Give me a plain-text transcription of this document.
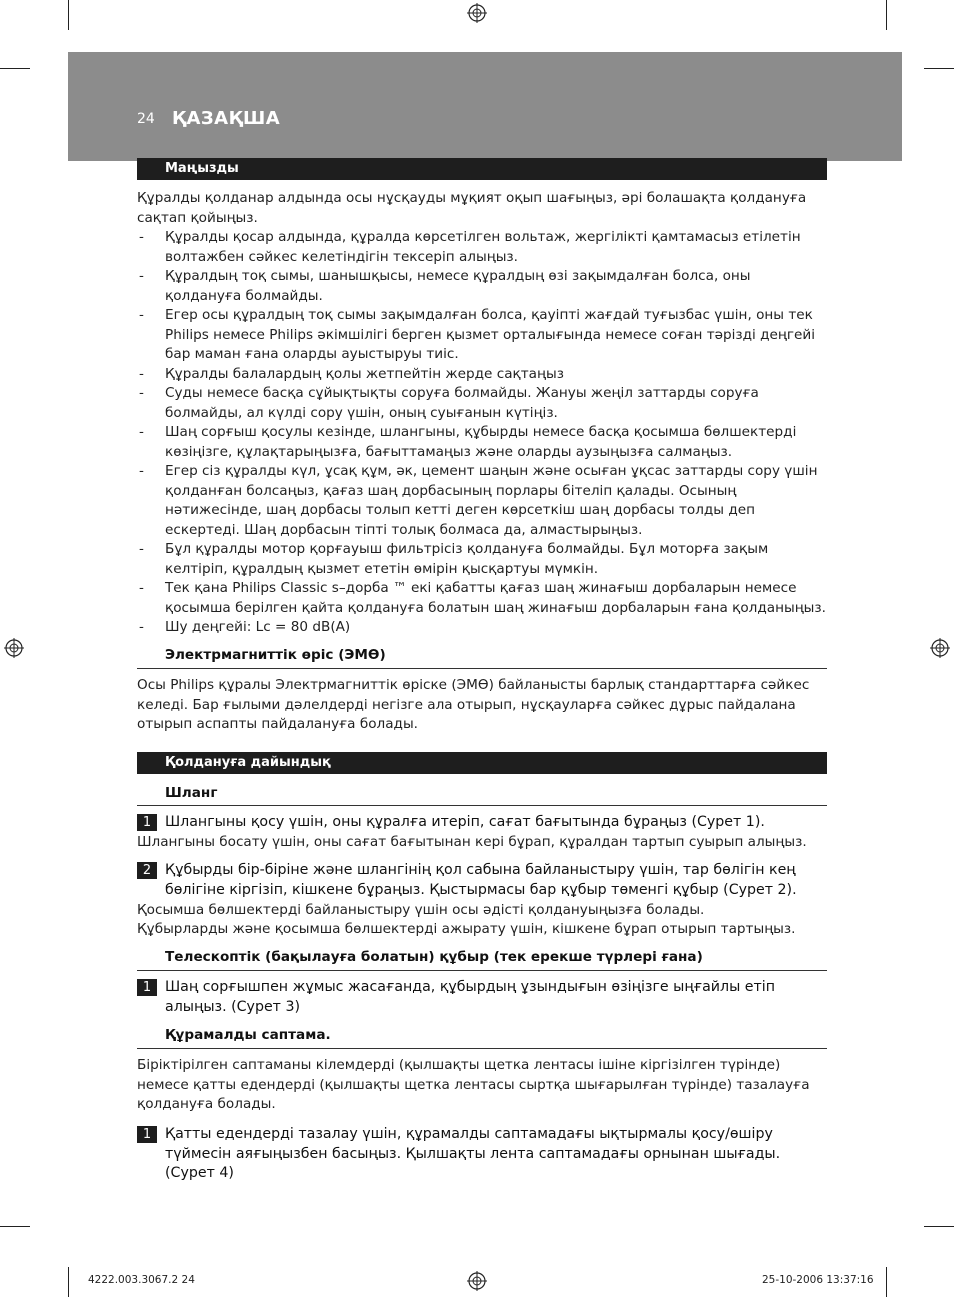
24 ҚАЗАҚША
Маңызды
Құралды қолданар алдында осы нұсқауды мұқият оқып шағыңыз, әрі болашақта қолдануға сақтап қойыңыз.
- Құралды қосар алдында, құралда көрсетілген вольтаж, жергілікті қамтамасыз етілетін волтажбен сәйкес келетіндігін тексеріп алыңыз.
- Құралдың тоқ сымы, шанышқысы, немесе құралдың өзі зақымдалған болса, оны қолдануға болмайды.
- Егер осы құралдың тоқ сымы зақымдалған болса, қауіпті жағдай туғызбас үшін, оны тек Philips немесе Philips әкімшілігі берген қызмет орталығында немесе соған тәрізді деңгейі бар маман ғана оларды ауыстыруы тиіс.
- Құралды балалардың қолы жетпейтін жерде сақтаңыз
- Суды немесе басқа сұйықтықты соруға болмайды. Жануы жеңіл заттарды соруға болмайды, ал күлді сору үшін, оның суығанын күтіңіз.
- Шаң сорғыш қосулы кезінде, шлангыны, құбырды немесе басқа қосымша бөлшектерді көзіңізге, құлақтарыңызға, бағыттамаңыз және оларды аузыңызға салмаңыз.
- Егер сіз құралды күл, ұсақ құм, әк, цемент шаңын және осыған ұқсас заттарды сору үшін қолданған болсаңыз, қағаз шаң дорбасының порлары бітеліп қалады. Осының нәтижесінде, шаң дорбасы толып кетті деген көрсеткіш шаң дорбасы толды деп ескертеді. Шаң дорбасын тіпті толық болмаса да, алмастырыңыз.
- Бұл құралды мотор қорғауыш фильтрісіз қолдануға болмайды. Бұл моторға зақым келтіріп, құралдың қызмет ететін өмірін қысқартуы мүмкін.
- Тек қана Philips Classic s–дорба ™ екі қабатты қағаз шаң жинағыш дорбаларын немесе қосымша берілген қайта қолдануға болатын шаң жинағыш дорбаларын ғана қолданыңыз.
- Шу деңгейі: Lc = 80 dB(A)
Электрмагниттік өріс (ЭМӨ)
Осы Philips құралы Электрмагниттік өріске (ЭМӨ) байланысты барлық стандарттарға сәйкес келеді. Бар ғылыми дәлелдерді негізге ала отырып, нұсқауларға сәйкес дұрыс пайдалана отырып аспапты пайдалануға болады.
Қолдануға дайындық
Шланг
1 Шлангыны қосу үшін, оны құралға итеріп, сағат бағытында бұраңыз (Сурет 1).
Шлангыны босату үшін, оны сағат бағытынан кері бұрап, құралдан тартып суырып алыңыз.
2 Құбырды бір-біріне және шлангінің қол сабына байланыстыру үшін, тар бөлігін кең бөлігіне кіргізіп, кішкене бұраңыз. Қыстырмасы бар құбыр төменгі құбыр (Сурет 2).
Қосымша бөлшектерді байланыстыру үшін осы әдісті қолдануыңызға болады.
Құбырларды және қосымша бөлшектерді ажырату үшін, кішкене бұрап отырып тартыңыз.
Телескоптік (бақылауға болатын) құбыр (тек ерекше түрлері ғана)
1 Шаң сорғышпен жұмыс жасағанда, құбырдың ұзындығын өзіңізге ыңғайлы етіп алыңыз. (Сурет 3)
Құрамалды саптама.
Біріктірілген саптаманы кілемдерді (қылшақты щетка лентасы ішіне кіргізілген түрінде) немесе қатты едендерді (қылшақты щетка лентасы сыртқа шығарылған түрінде) тазалауға қолдануға болады.
1 Қатты едендерді тазалау үшін, құрамалды саптамадағы ықтырмалы қосу/өшіру түймесін аяғыңызбен басыңыз. Қылшақты лента саптамадағы орнынан шығады. (Сурет 4)
4222.003.3067.2 24	25-10-2006 13:37:16
